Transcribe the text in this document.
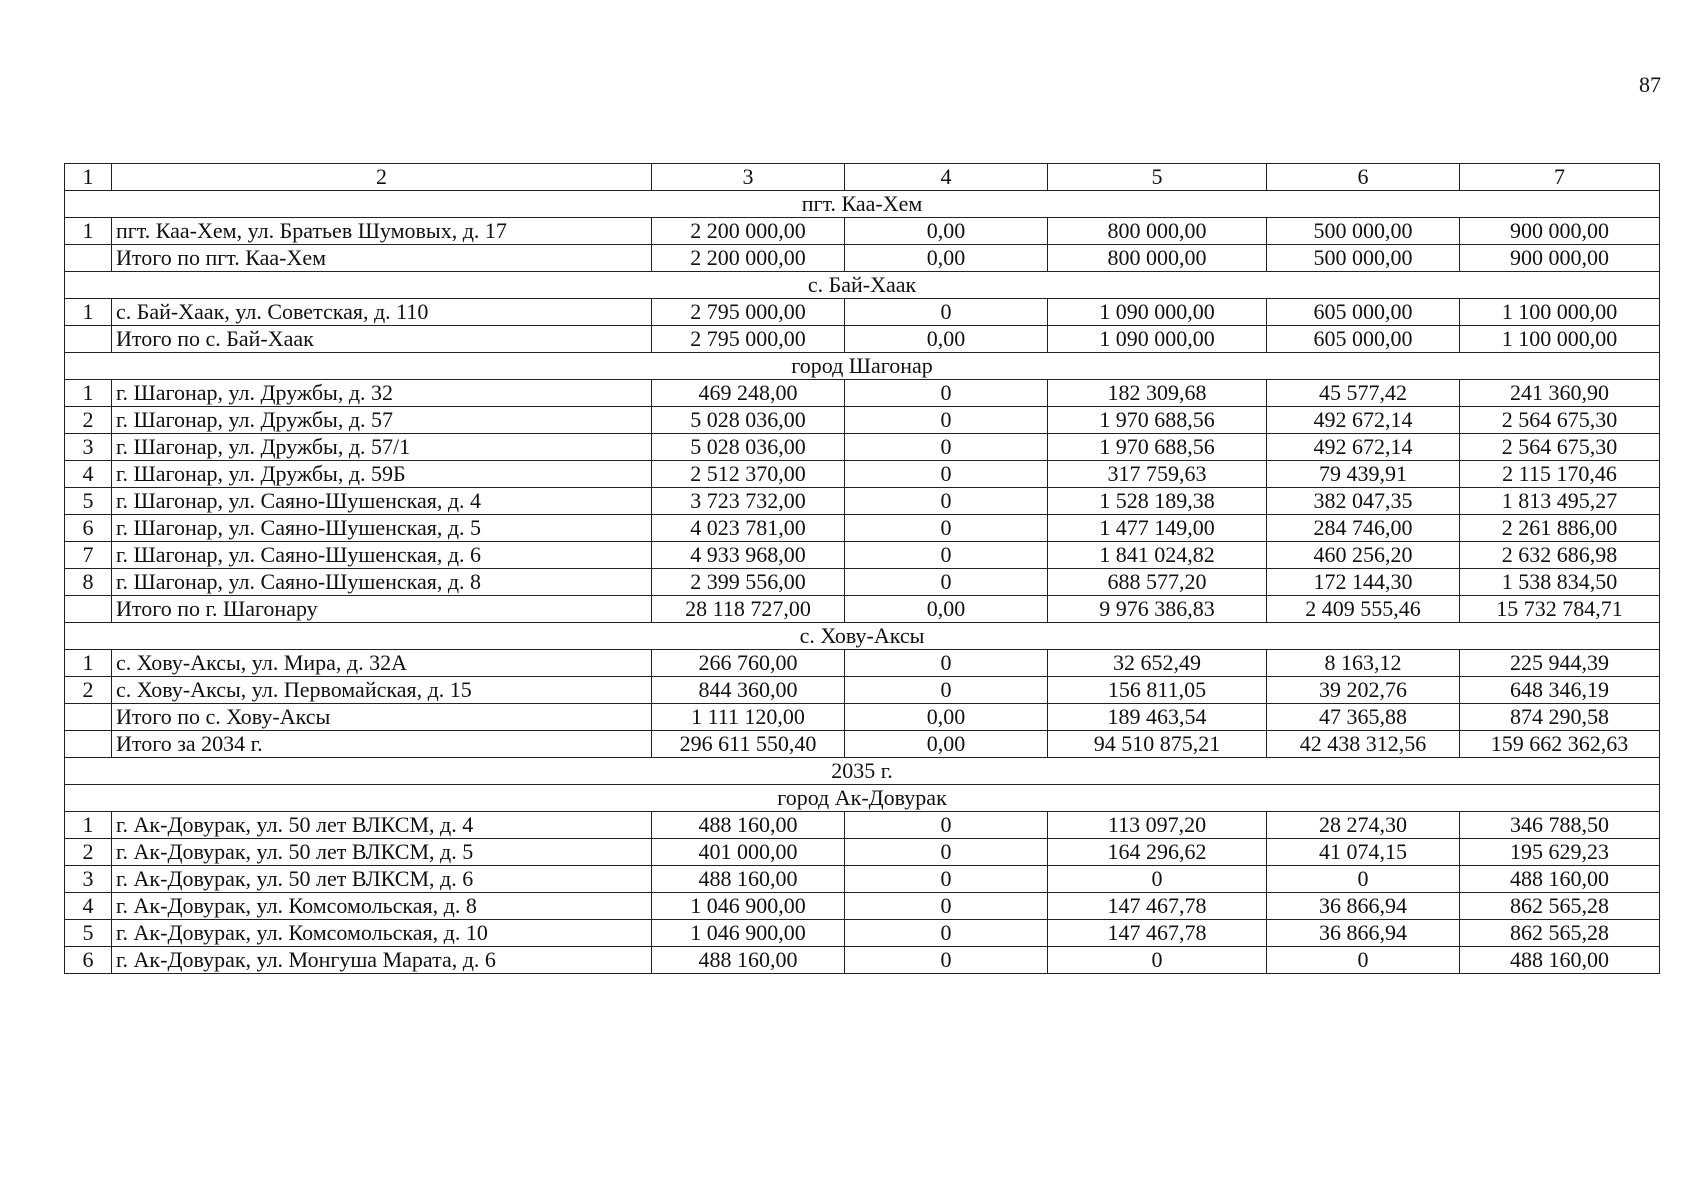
87
1	2	3	4	5	6	7
пгт. Каа-Хем						
1	пгт. Каа-Хем, ул. Братьев Шумовых, д. 17	2 200 000,00	0,00	800 000,00	500 000,00	900 000,00
	Итого по пгт. Каа-Хем	2 200 000,00	0,00	800 000,00	500 000,00	900 000,00
с. Бай-Хаак						
1	с. Бай-Хаак, ул. Советская, д. 110	2 795 000,00	0	1 090 000,00	605 000,00	1 100 000,00
	Итого по с. Бай-Хаак	2 795 000,00	0,00	1 090 000,00	605 000,00	1 100 000,00
город Шагонар						
1	г. Шагонар, ул. Дружбы, д. 32	469 248,00	0	182 309,68	45 577,42	241 360,90
2	г. Шагонар, ул. Дружбы, д. 57	5 028 036,00	0	1 970 688,56	492 672,14	2 564 675,30
3	г. Шагонар, ул. Дружбы, д. 57/1	5 028 036,00	0	1 970 688,56	492 672,14	2 564 675,30
4	г. Шагонар, ул. Дружбы, д. 59Б	2 512 370,00	0	317 759,63	79 439,91	2 115 170,46
5	г. Шагонар, ул. Саяно-Шушенская, д. 4	3 723 732,00	0	1 528 189,38	382 047,35	1 813 495,27
6	г. Шагонар, ул. Саяно-Шушенская, д. 5	4 023 781,00	0	1 477 149,00	284 746,00	2 261 886,00
7	г. Шагонар, ул. Саяно-Шушенская, д. 6	4 933 968,00	0	1 841 024,82	460 256,20	2 632 686,98
8	г. Шагонар, ул. Саяно-Шушенская, д. 8	2 399 556,00	0	688 577,20	172 144,30	1 538 834,50
	Итого по г. Шагонару	28 118 727,00	0,00	9 976 386,83	2 409 555,46	15 732 784,71
с. Хову-Аксы						
1	с. Хову-Аксы, ул. Мира, д. 32А	266 760,00	0	32 652,49	8 163,12	225 944,39
2	с. Хову-Аксы, ул. Первомайская, д. 15	844 360,00	0	156 811,05	39 202,76	648 346,19
	Итого по с. Хову-Аксы	1 111 120,00	0,00	189 463,54	47 365,88	874 290,58
	Итого за 2034 г.	296 611 550,40	0,00	94 510 875,21	42 438 312,56	159 662 362,63
2035 г.						
город Ак-Довурак						
1	г. Ак-Довурак, ул. 50 лет ВЛКСМ, д. 4	488 160,00	0	113 097,20	28 274,30	346 788,50
2	г. Ак-Довурак, ул. 50 лет ВЛКСМ, д. 5	401 000,00	0	164 296,62	41 074,15	195 629,23
3	г. Ак-Довурак, ул. 50 лет ВЛКСМ, д. 6	488 160,00	0	0	0	488 160,00
4	г. Ак-Довурак, ул. Комсомольская, д. 8	1 046 900,00	0	147 467,78	36 866,94	862 565,28
5	г. Ак-Довурак, ул. Комсомольская, д. 10	1 046 900,00	0	147 467,78	36 866,94	862 565,28
6	г. Ак-Довурак, ул. Монгуша Марата, д. 6	488 160,00	0	0	0	488 160,00
